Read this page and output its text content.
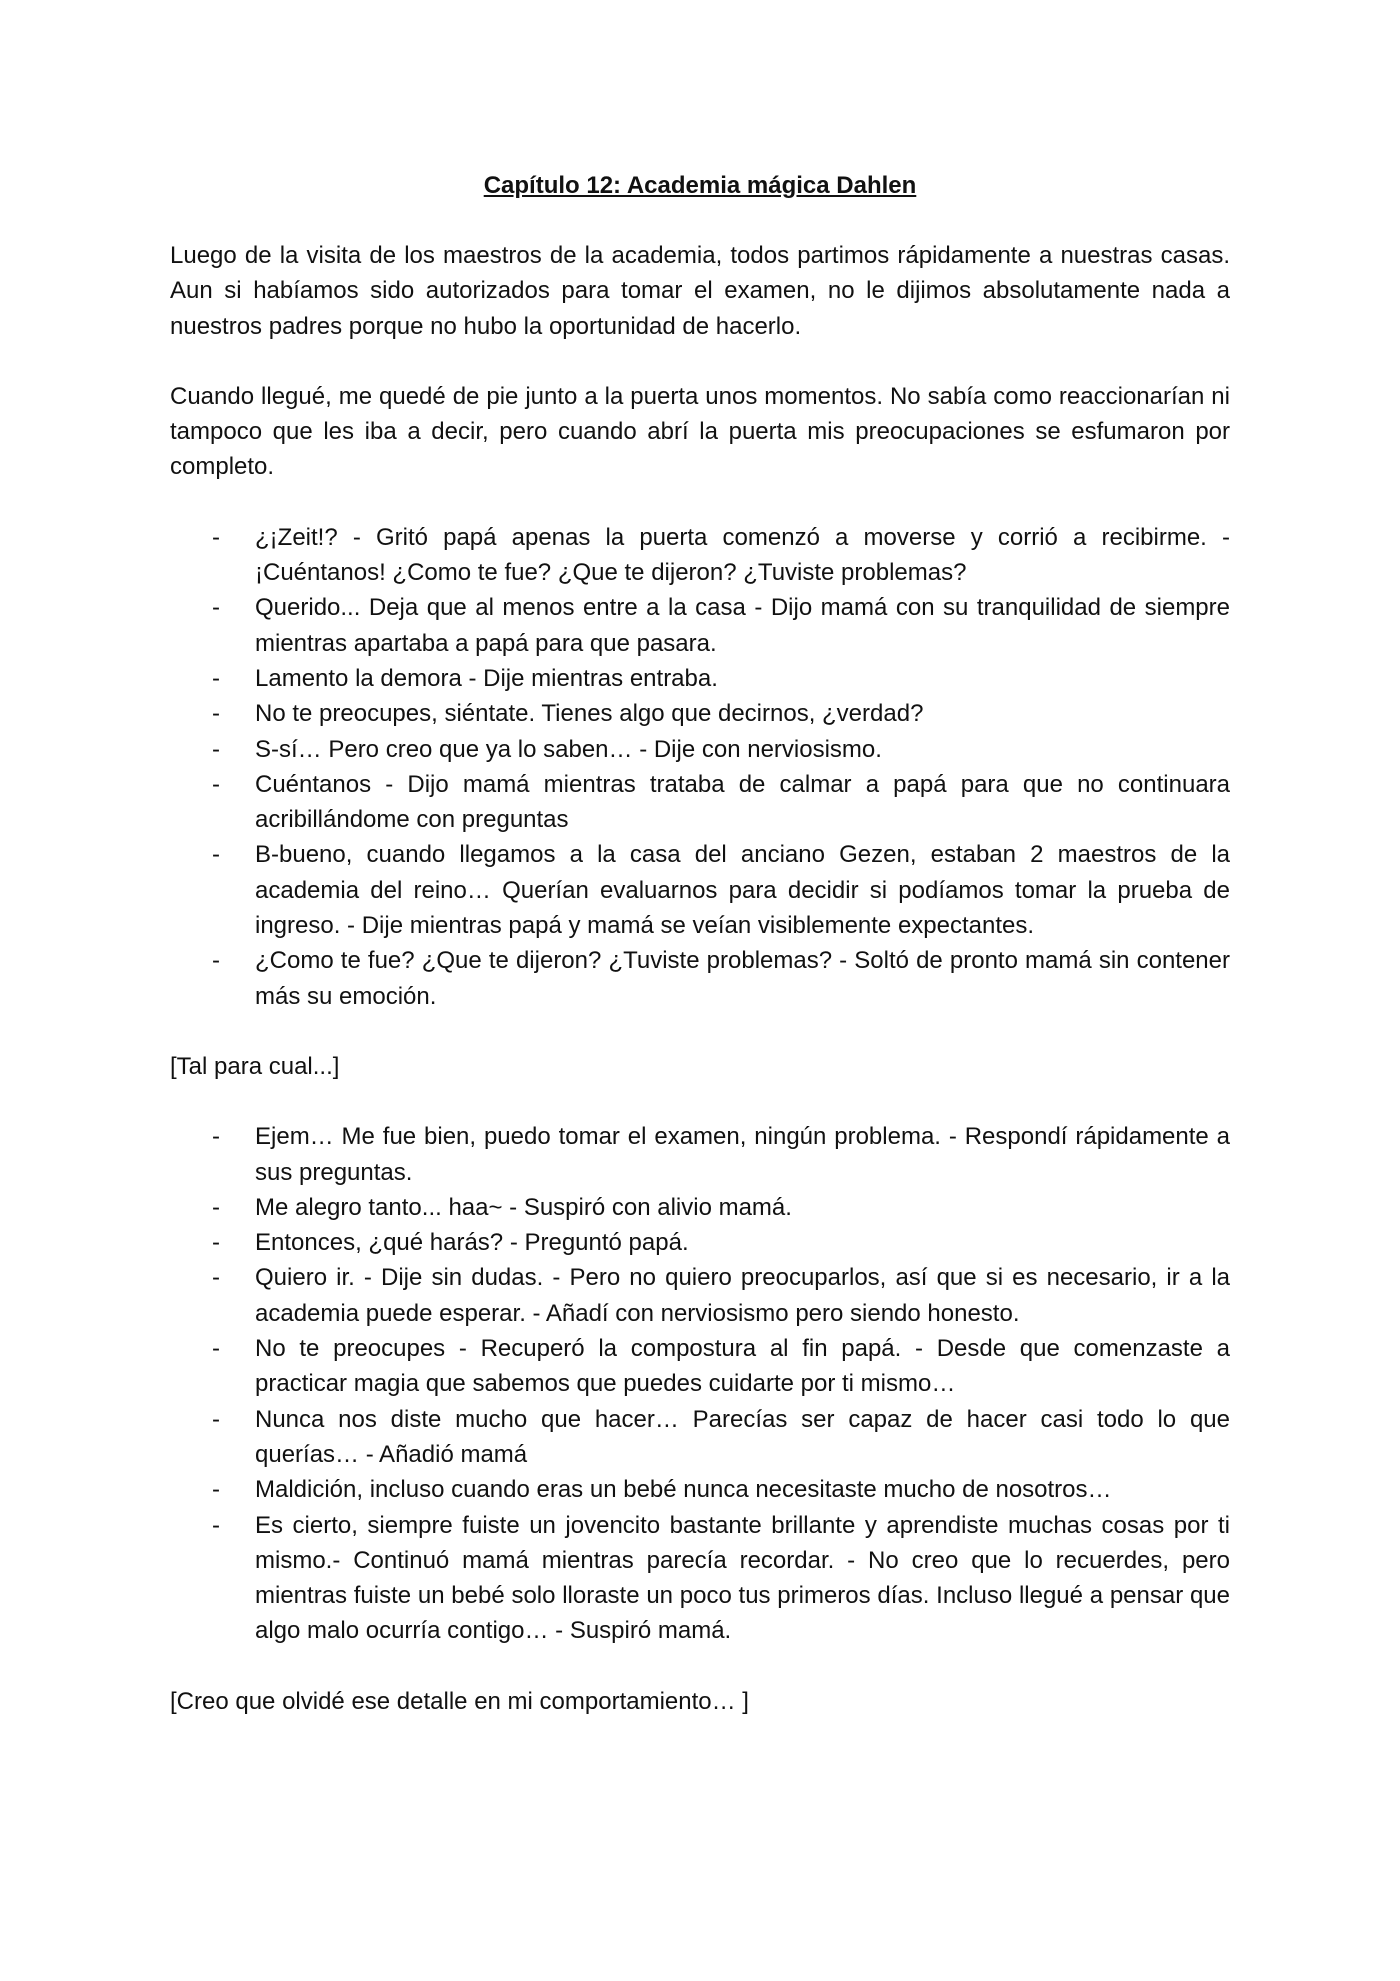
Capítulo 12: Academia mágica Dahlen

Luego de la visita de los maestros de la academia, todos partimos rápidamente a nuestras casas. Aun si habíamos sido autorizados para tomar el examen, no le dijimos absolutamente nada a nuestros padres porque no hubo la oportunidad de hacerlo.

Cuando llegué, me quedé de pie junto a la puerta unos momentos. No sabía como reaccionarían ni tampoco que les iba a decir, pero cuando abrí la puerta mis preocupaciones se esfumaron por completo.

- ¿¡Zeit!? - Gritó papá apenas la puerta comenzó a moverse y corrió a recibirme. - ¡Cuéntanos! ¿Como te fue? ¿Que te dijeron? ¿Tuviste problemas?
- Querido... Deja que al menos entre a la casa - Dijo mamá con su tranquilidad de siempre mientras apartaba a papá para que pasara.
- Lamento la demora - Dije mientras entraba.
- No te preocupes, siéntate. Tienes algo que decirnos, ¿verdad?
- S-sí… Pero creo que ya lo saben… - Dije con nerviosismo.
- Cuéntanos - Dijo mamá mientras trataba de calmar a papá para que no continuara acribillándome con preguntas
- B-bueno, cuando llegamos a la casa del anciano Gezen, estaban 2 maestros de la academia del reino… Querían evaluarnos para decidir si podíamos tomar la prueba de ingreso. - Dije mientras papá y mamá se veían visiblemente expectantes.
- ¿Como te fue? ¿Que te dijeron? ¿Tuviste problemas? - Soltó de pronto mamá sin contener más su emoción.

[Tal para cual...]

- Ejem… Me fue bien, puedo tomar el examen, ningún problema. - Respondí rápidamente a sus preguntas.
- Me alegro tanto... haa~ - Suspiró con alivio mamá.
- Entonces, ¿qué harás? - Preguntó papá.
- Quiero ir. - Dije sin dudas. - Pero no quiero preocuparlos, así que si es necesario, ir a la academia puede esperar. - Añadí con nerviosismo pero siendo honesto.
- No te preocupes - Recuperó la compostura al fin papá. - Desde que comenzaste a practicar magia que sabemos que puedes cuidarte por ti mismo…
- Nunca nos diste mucho que hacer… Parecías ser capaz de hacer casi todo lo que querías… - Añadió mamá
- Maldición, incluso cuando eras un bebé nunca necesitaste mucho de nosotros…
- Es cierto, siempre fuiste un jovencito bastante brillante y aprendiste muchas cosas por ti mismo.- Continuó mamá mientras parecía recordar. - No creo que lo recuerdes, pero mientras fuiste un bebé solo lloraste un poco tus primeros días. Incluso llegué a pensar que algo malo ocurría contigo… - Suspiró mamá.

[Creo que olvidé ese detalle en mi comportamiento… ]
